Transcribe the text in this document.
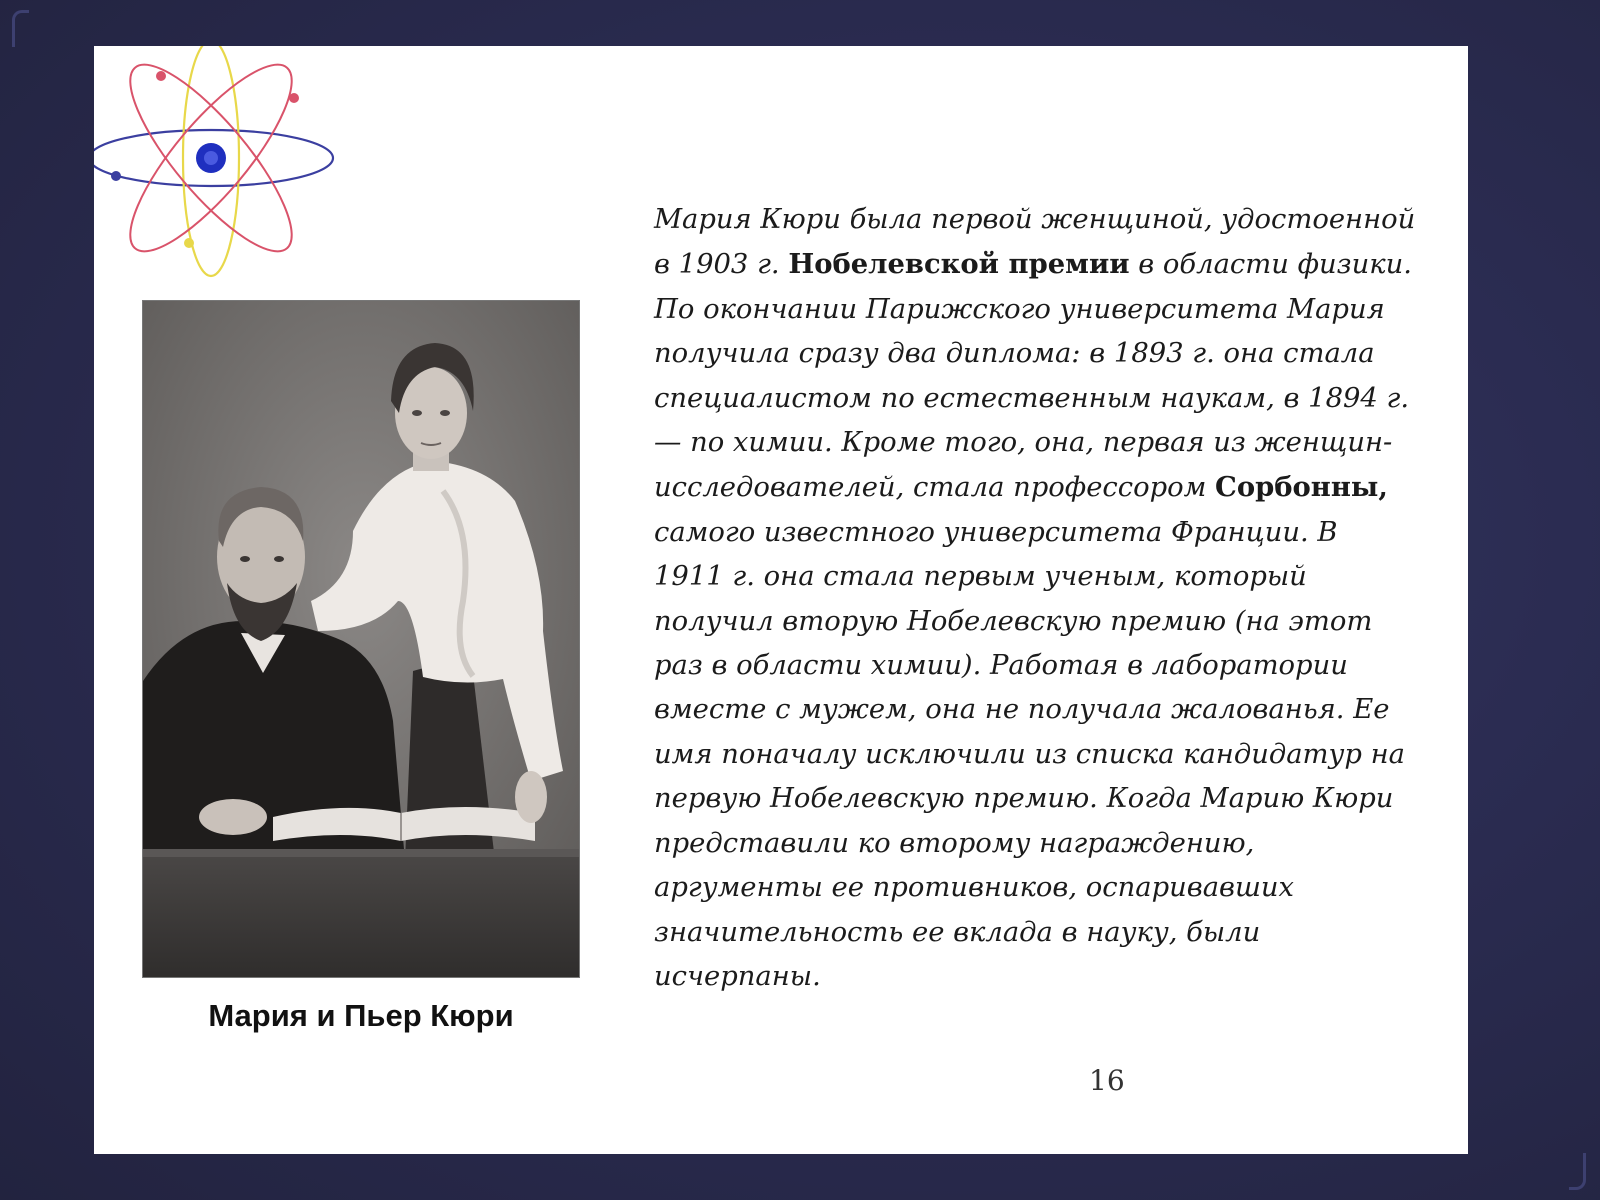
Мария и Пьер Кюри
Мария Кюри была первой женщиной, удостоенной
в 1903 г. Нобелевской премии в области физики.
По окончании Парижского университета Мария
получила сразу два диплома: в 1893 г. она стала
специалистом по естественным наукам, в 1894 г.
— по химии. Кроме того, она, первая из женщин-
исследователей, стала профессором Сорбонны,
самого известного университета Франции. В
1911 г. она стала первым ученым, который
получил вторую Нобелевскую премию (на этот
раз в области химии). Работая в лаборатории
вместе с мужем, она не получала жалованья. Ее
имя поначалу исключили из списка кандидатур на
первую Нобелевскую премию. Когда Марию Кюри
представили ко второму награждению,
аргументы ее противников, оспаривавших
значительность ее вклада в науку, были
исчерпаны.
16
